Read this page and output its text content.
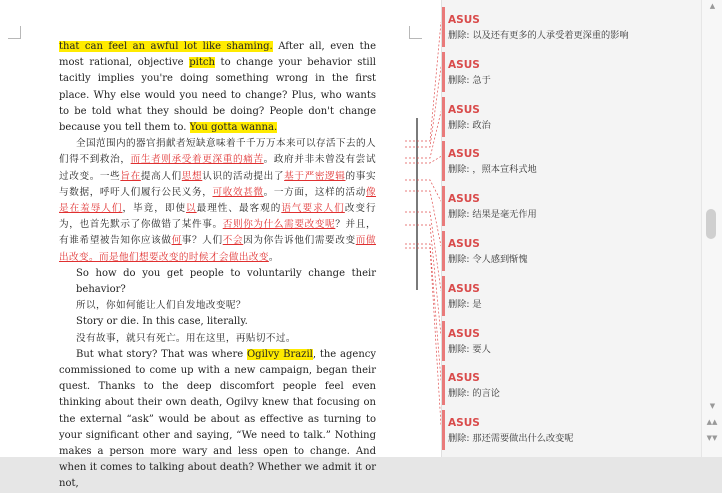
that can feel an awful lot like shaming. After all, even the most rational, objective pitch to change your behavior still tacitly implies you're doing something wrong in the first place. Why else would you need to change? Plus, who wants to be told what they should be doing? People don't change because you tell them to. You gotta wanna.

全国范围内的器官捐献者短缺意味着千千万万本来可以存活下去的人们得不到救治，而生者则承受着更深重的痛苦。政府并非未曾没有尝试过改变。一些旨在提高人们思想认识的活动提出了基于严密逻辑的事实与数据，呼吁人们履行公民义务，可收效甚微。一方面，这样的活动像是在羞辱人们，毕竟，即使以最理性、最客观的语气要求人们改变行为，也首先默示了你做错了某件事。否则你为什么需要改变呢？并且，有谁希望被告知你应该做何事？人们不会因为你告诉他们需要改变而做出改变。而是他们想要改变的时候才会做出改变。

So how do you get people to voluntarily change their behavior?

所以，你如何能让人们自发地改变呢？

Story or die. In this case, literally.

没有故事，就只有死亡。用在这里，再贴切不过。

But what story? That was where Ogilvy Brazil, the agency commissioned to come up with a new campaign, began their quest. Thanks to the deep discomfort people feel even thinking about their own death, Ogilvy knew that focusing on the external “ask” would be about as effective as turning to your significant other and saying, “We need to talk.” Nothing makes a person more wary and less open to change. And when it comes to talking about death? Whether we admit it or not,

ASUS
删除: 以及还有更多的人承受着更深重的影响
ASUS
删除: 急于
ASUS
删除: 政治
ASUS
删除: ，照本宣科式地
ASUS
删除: 结果是毫无作用
ASUS
删除: 令人感到惭愧
ASUS
删除: 是
ASUS
删除: 要人
ASUS
删除: 的言论
ASUS
删除: 那还需要做出什么改变呢
▲
▼
▲▲
▼▼
